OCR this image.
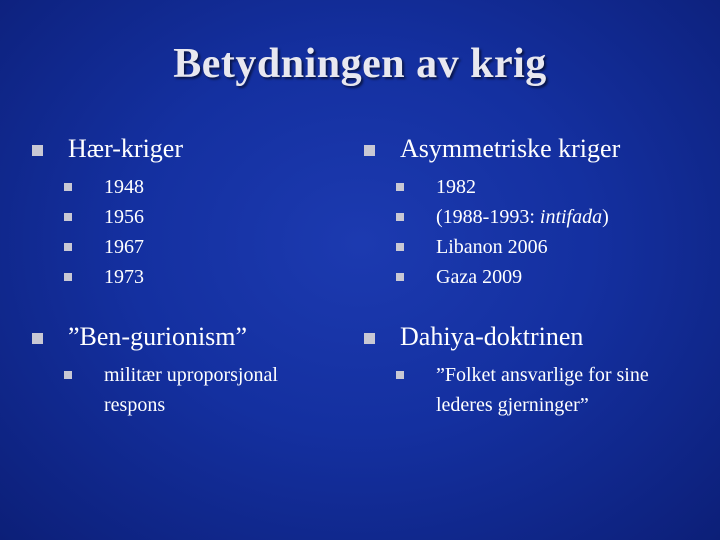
Betydningen av krig
Hær-kriger
1948
1956
1967
1973
”Ben-gurionism”
militær uproporsjonal respons
Asymmetriske kriger
1982
(1988-1993: intifada)
Libanon 2006
Gaza 2009
Dahiya-doktrinen
”Folket ansvarlige for sine lederes gjerninger”
